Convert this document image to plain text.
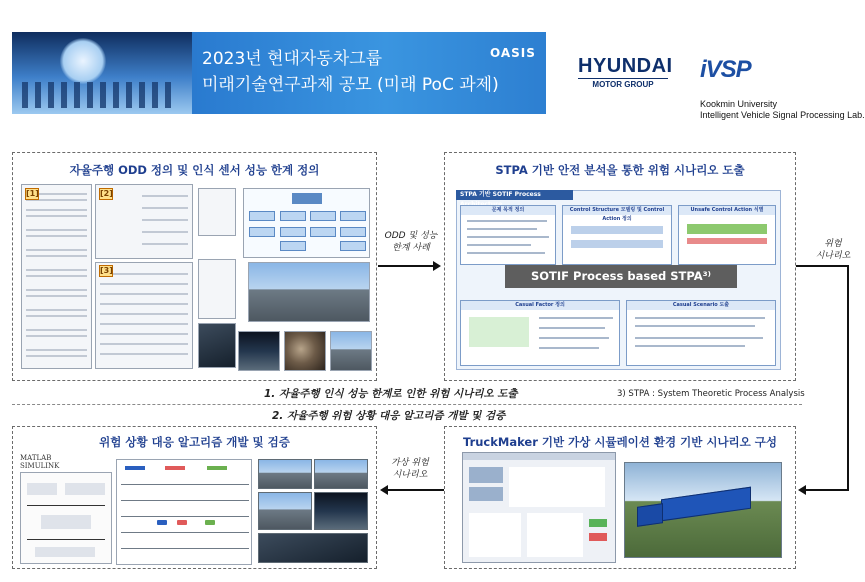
2023년 현대자동차그룹
미래기술연구과제 공모 (미래 PoC 과제)
OASIS
HYUNDAI
MOTOR GROUP
iVSP
Kookmin University
Intelligent Vehicle Signal Processing Lab.
자율주행 ODD 정의 및 인식 센서 성능 한계 정의
[1]	[2]
[3]
ODD 및 성능
한계 사례
STPA 기반 안전 분석을 통한 위험 시나리오 도출
STPA 기반 SOTIF Process
문제 목적 정의	Control Structure 모델링 및 Control Action 정의
Unsafe Control Action 식별
SOTIF Process based STPA³⁾
Casual Factor 정의	Casual Scenario 도출
1. 자율주행 인식 성능 한계로 인한 위험 시나리오 도출	3) STPA : System Theoretic Process Analysis
2. 자율주행 위험 상황 대응 알고리즘 개발 및 검증
위험
시나리오
위험 상황 대응 알고리즘 개발 및 검증
MATLAB
SIMULINK	가상 위험
시나리오
TruckMaker 기반 가상 시뮬레이션 환경 기반 시나리오 구성
